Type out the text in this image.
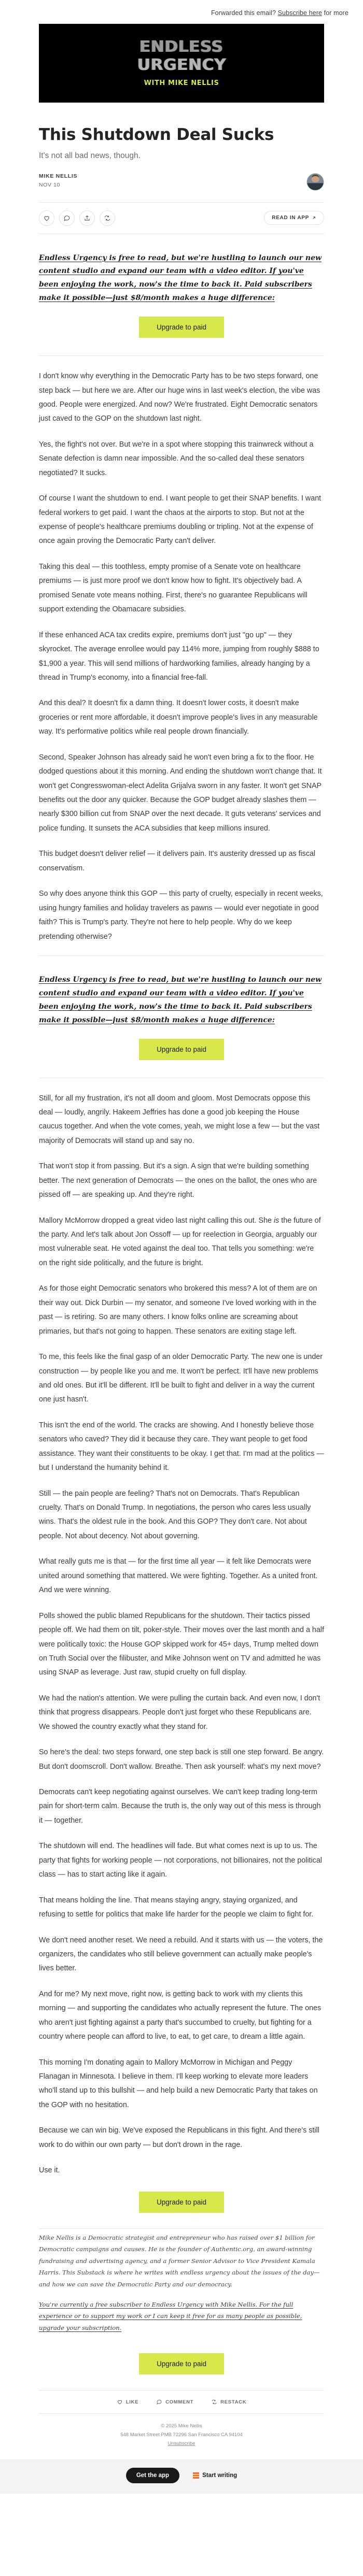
Forwarded this email? Subscribe here for more
ENDLESS
URGENCY
WITH MIKE NELLIS
This Shutdown Deal Sucks
It's not all bad news, though.
MIKE NELLIS
NOV 10
READ IN APP

Endless Urgency is free to read, but we're hustling to launch our new content studio and expand our team with a video editor. If you've been enjoying the work, now's the time to back it. Paid subscribers make it possible—just $8/month makes a huge difference:

Upgrade to paid

I don't know why everything in the Democratic Party has to be two steps forward, one step back — but here we are. After our huge wins in last week's election, the vibe was good. People were energized. And now? We're frustrated. Eight Democratic senators just caved to the GOP on the shutdown last night.

Yes, the fight's not over. But we're in a spot where stopping this trainwreck without a Senate defection is damn near impossible. And the so-called deal these senators negotiated? It sucks.

Of course I want the shutdown to end. I want people to get their SNAP benefits. I want federal workers to get paid. I want the chaos at the airports to stop. But not at the expense of people's healthcare premiums doubling or tripling. Not at the expense of once again proving the Democratic Party can't deliver.

Taking this deal — this toothless, empty promise of a Senate vote on healthcare premiums — is just more proof we don't know how to fight. It's objectively bad. A promised Senate vote means nothing. First, there's no guarantee Republicans will support extending the Obamacare subsidies.

If these enhanced ACA tax credits expire, premiums don't just "go up" — they skyrocket. The average enrollee would pay 114% more, jumping from roughly $888 to $1,900 a year. This will send millions of hardworking families, already hanging by a thread in Trump's economy, into a financial free-fall.

And this deal? It doesn't fix a damn thing. It doesn't lower costs, it doesn't make groceries or rent more affordable, it doesn't improve people's lives in any measurable way. It's performative politics while real people drown financially.

Second, Speaker Johnson has already said he won't even bring a fix to the floor. He dodged questions about it this morning. And ending the shutdown won't change that. It won't get Congresswoman-elect Adelita Grijalva sworn in any faster. It won't get SNAP benefits out the door any quicker. Because the GOP budget already slashes them — nearly $300 billion cut from SNAP over the next decade. It guts veterans' services and police funding. It sunsets the ACA subsidies that keep millions insured.

This budget doesn't deliver relief — it delivers pain. It's austerity dressed up as fiscal conservatism.

So why does anyone think this GOP — this party of cruelty, especially in recent weeks, using hungry families and holiday travelers as pawns — would ever negotiate in good faith? This is Trump's party. They're not here to help people. Why do we keep pretending otherwise?

Endless Urgency is free to read, but we're hustling to launch our new content studio and expand our team with a video editor. If you've been enjoying the work, now's the time to back it. Paid subscribers make it possible—just $8/month makes a huge difference:

Upgrade to paid

Still, for all my frustration, it's not all doom and gloom. Most Democrats oppose this deal — loudly, angrily. Hakeem Jeffries has done a good job keeping the House caucus together. And when the vote comes, yeah, we might lose a few — but the vast majority of Democrats will stand up and say no.

That won't stop it from passing. But it's a sign. A sign that we're building something better. The next generation of Democrats — the ones on the ballot, the ones who are pissed off — are speaking up. And they're right.

Mallory McMorrow dropped a great video last night calling this out. She is the future of the party. And let's talk about Jon Ossoff — up for reelection in Georgia, arguably our most vulnerable seat. He voted against the deal too. That tells you something: we're on the right side politically, and the future is bright.

As for those eight Democratic senators who brokered this mess? A lot of them are on their way out. Dick Durbin — my senator, and someone I've loved working with in the past — is retiring. So are many others. I know folks online are screaming about primaries, but that's not going to happen. These senators are exiting stage left.

To me, this feels like the final gasp of an older Democratic Party. The new one is under construction — by people like you and me. It won't be perfect. It'll have new problems and old ones. But it'll be different. It'll be built to fight and deliver in a way the current one just hasn't.

This isn't the end of the world. The cracks are showing. And I honestly believe those senators who caved? They did it because they care. They want people to get food assistance. They want their constituents to be okay. I get that. I'm mad at the politics — but I understand the humanity behind it.

Still — the pain people are feeling? That's not on Democrats. That's Republican cruelty. That's on Donald Trump. In negotiations, the person who cares less usually wins. That's the oldest rule in the book. And this GOP? They don't care. Not about people. Not about decency. Not about governing.

What really guts me is that — for the first time all year — it felt like Democrats were united around something that mattered. We were fighting. Together. As a united front. And we were winning.

Polls showed the public blamed Republicans for the shutdown. Their tactics pissed people off. We had them on tilt, poker-style. Their moves over the last month and a half were politically toxic: the House GOP skipped work for 45+ days, Trump melted down on Truth Social over the filibuster, and Mike Johnson went on TV and admitted he was using SNAP as leverage. Just raw, stupid cruelty on full display.

We had the nation's attention. We were pulling the curtain back. And even now, I don't think that progress disappears. People don't just forget who these Republicans are. We showed the country exactly what they stand for.

So here's the deal: two steps forward, one step back is still one step forward. Be angry. But don't doomscroll. Don't wallow. Breathe. Then ask yourself: what's my next move?

Democrats can't keep negotiating against ourselves. We can't keep trading long-term pain for short-term calm. Because the truth is, the only way out of this mess is through it — together.

The shutdown will end. The headlines will fade. But what comes next is up to us. The party that fights for working people — not corporations, not billionaires, not the political class — has to start acting like it again.

That means holding the line. That means staying angry, staying organized, and refusing to settle for politics that make life harder for the people we claim to fight for.

We don't need another reset. We need a rebuild. And it starts with us — the voters, the organizers, the candidates who still believe government can actually make people's lives better.

And for me? My next move, right now, is getting back to work with my clients this morning — and supporting the candidates who actually represent the future. The ones who aren't just fighting against a party that's succumbed to cruelty, but fighting for a country where people can afford to live, to eat, to get care, to dream a little again.

This morning I'm donating again to Mallory McMorrow in Michigan and Peggy Flanagan in Minnesota. I believe in them. I'll keep working to elevate more leaders who'll stand up to this bullshit — and help build a new Democratic Party that takes on the GOP with no hesitation.

Because we can win big. We've exposed the Republicans in this fight. And there's still work to do within our own party — but don't drown in the rage.

Use it.

Upgrade to paid

Mike Nellis is a Democratic strategist and entrepreneur who has raised over $1 billion for Democratic campaigns and causes. He is the founder of Authentic.org, an award-winning fundraising and advertising agency, and a former Senior Advisor to Vice President Kamala Harris. This Substack is where he writes with endless urgency about the issues of the day—and how we can save the Democratic Party and our democracy.

You're currently a free subscriber to Endless Urgency with Mike Nellis. For the full experience or to support my work or I can keep it free for as many people as possible, upgrade your subscription.

Upgrade to paid
LIKE	COMMENT	RESTACK
© 2025 Mike Nellis
548 Market Street PMB 72296 San Francisco CA 94104
Unsubscribe
Get the app	Start writing
